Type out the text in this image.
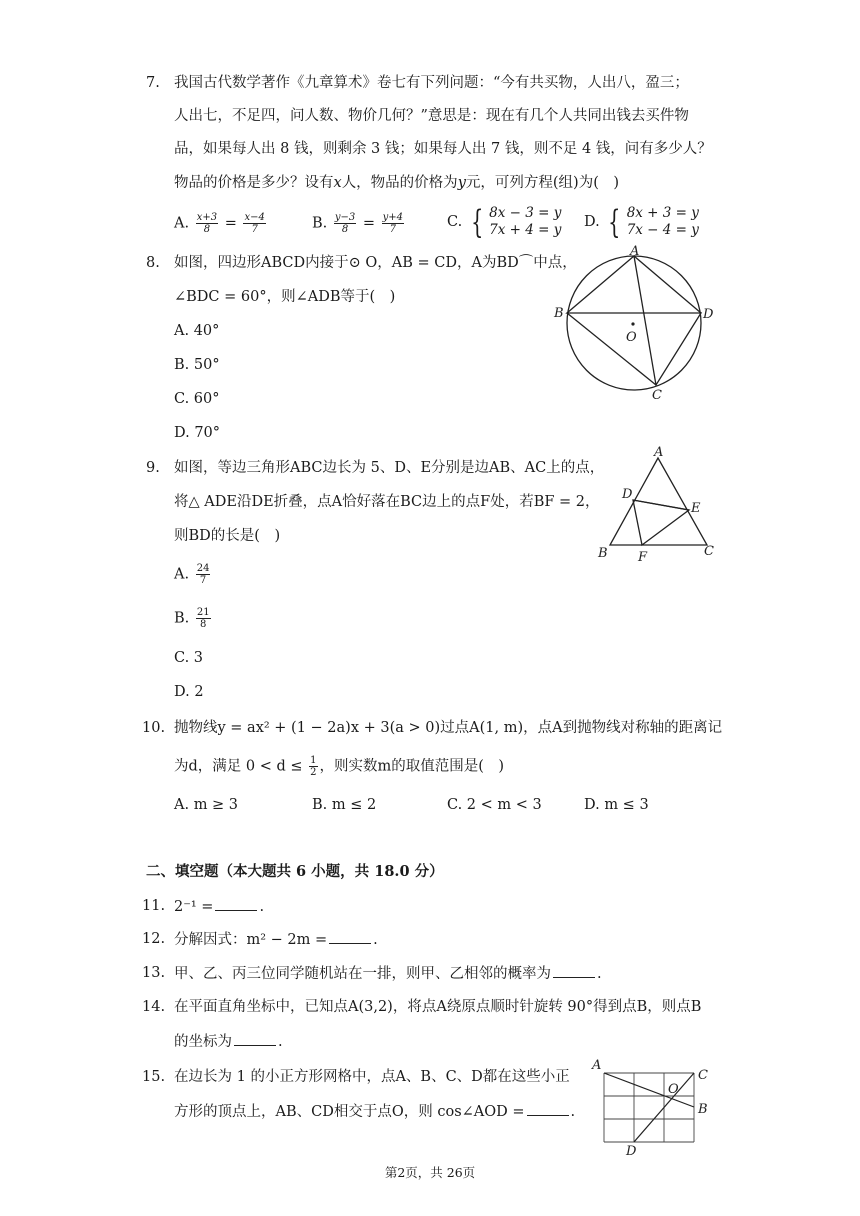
7. 我国古代数学著作《九章算术》卷七有下列问题：“今有共买物，人出八，盈三；
人出七，不足四，问人数、物价几何？”意思是：现在有几个人共同出钱去买件物
品，如果每人出 8 钱，则剩余 3 钱；如果每人出 7 钱，则不足 4 钱，问有多少人？
物品的价格是多少？设有x人，物品的价格为y元，可列方程(组)为(　)
A. $\frac{x+3}{8} = \frac{x-4}{7}$	B. $\frac{y-3}{8} = \frac{y+4}{7}$	C. { 8x − 3 = y
7x + 4 = y D. { 8x + 3 = y
7x − 4 = y
8. 如图，四边形ABCD内接于⊙ O，AB = CD，A为BD⌒中点，
∠BDC = 60°，则∠ADB等于(　)
A. 40°
B. 50°
C. 60°
D. 70°
A
B	D
C
O
9. 如图，等边三角形ABC边长为 5、D、E分别是边AB、AC上的点，
将△ ADE沿DE折叠，点A恰好落在BC边上的点F处，若BF = 2，
则BD的长是(　)
A. $\frac{24}{7}$
B. $\frac{21}{8}$
C. 3
D. 2
A
B	C
D
E
F
10. 抛物线y = ax² + (1 − 2a)x + 3(a > 0)过点A(1, m)，点A到抛物线对称轴的距离记
为d，满足 $0 < d \le \frac{1}{2}$ ，则实数m的取值范围是(　)
A. m ≥ 3	B. m ≤ 2	C. 2 < m < 3	D. m ≤ 3
二、填空题（本大题共 6 小题，共 18.0 分）
11. 2⁻¹ =	.
12. 分解因式：m² − 2m =	.
13. 甲、乙、丙三位同学随机站在一排，则甲、乙相邻的概率为	.
14. 在平面直角坐标中，已知点A(3,2)，将点A绕原点顺时针旋转 90°得到点B，则点B
的坐标为	.
15. 在边长为 1 的小正方形网格中，点A、B、C、D都在这些小正
方形的顶点上，AB、CD相交于点O，则 cos∠AOD =	.
A
C
B
D
O
第2页，共 26页
